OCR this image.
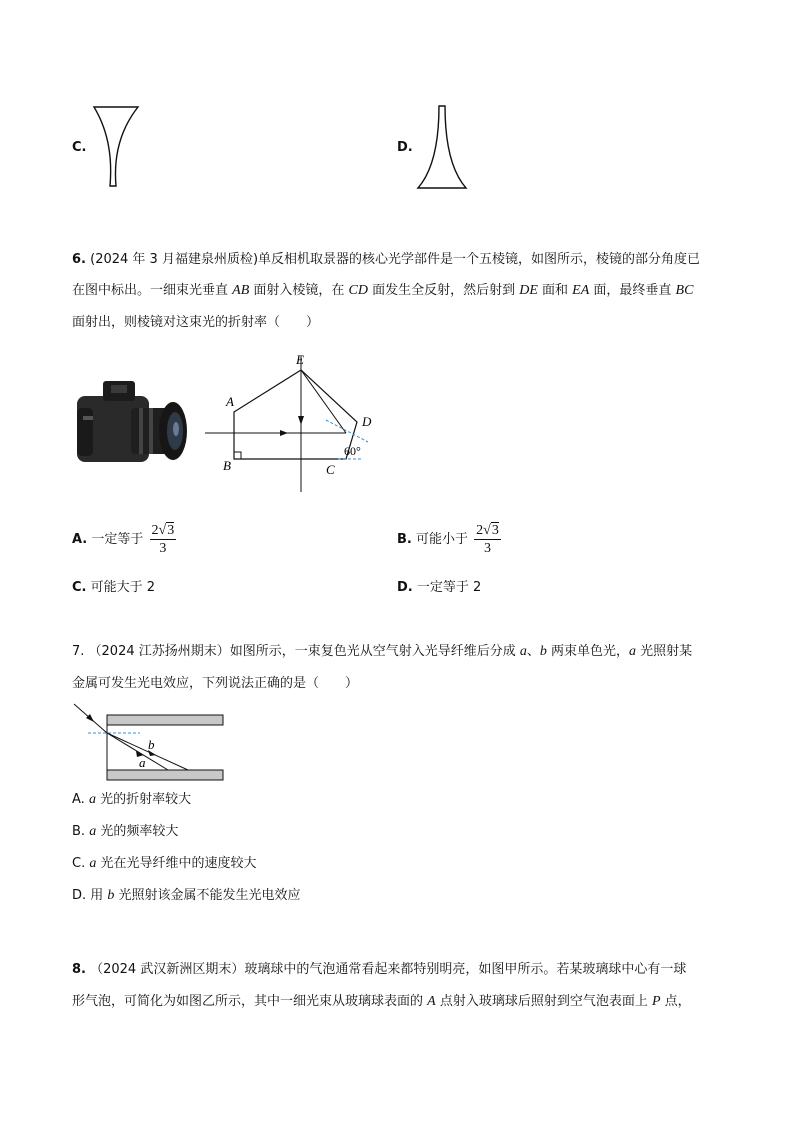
C.	D.
6. (2024 年 3 月福建泉州质检)单反相机取景器的核心光学部件是一个五棱镜，如图所示，棱镜的部分角度已
在图中标出。一细束光垂直 AB 面射入棱镜，在 CD 面发生全反射，然后射到 DE 面和 EA 面，最终垂直 BC
面射出，则棱镜对这束光的折射率（　　）
E
A
D
B	C
60°
A. 一定等于 $\frac{2√3}{3}$	B. 可能小于 $\frac{2√3}{3}$
C. 可能大于 2	D. 一定等于 2
7. （2024 江苏扬州期末）如图所示，一束复色光从空气射入光导纤维后分成 a、b 两束单色光，a 光照射某
金属可发生光电效应，下列说法正确的是（　　）
b
a
A. a 光的折射率较大
B. a 光的频率较大
C. a 光在光导纤维中的速度较大
D. 用 b 光照射该金属不能发生光电效应
8. （2024 武汉新洲区期末）玻璃球中的气泡通常看起来都特别明亮，如图甲所示。若某玻璃球中心有一球
形气泡，可简化为如图乙所示，其中一细光束从玻璃球表面的 A 点射入玻璃球后照射到空气泡表面上 P 点，
